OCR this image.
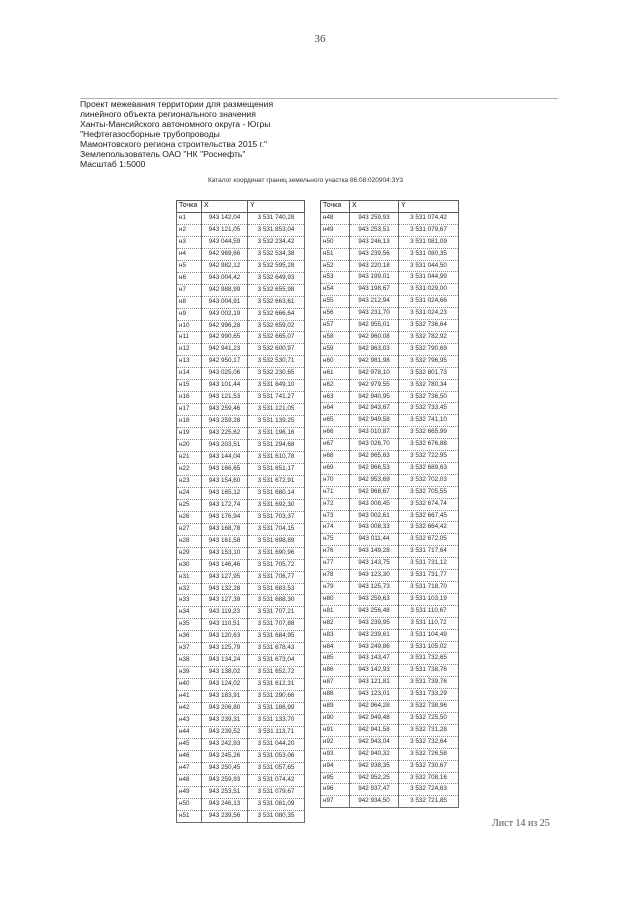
36
Проект межевания территории для размещения
линейного объекта регионального значения
Ханты-Мансийского автономного округа - Югры
"Нефтегазосборные трубопроводы
Мамонтовского региона строительства 2015 г."
Землепользователь ОАО "НК "Роснефть"
Масштаб 1:5000
Каталог координат границ земельного участка 86:08:020904:ЗУ3
Точка	X	Y
н1	943 142,04	3 531 740,28
н2	943 121,05	3 531 853,04
н3	943 044,59	3 532 234,42
н4	942 969,66	3 532 534,38
н5	942 982,12	3 532 595,28
н6	943 004,42	3 532 649,93
н7	942 988,99	3 532 655,98
н8	943 004,91	3 532 663,61
н9	943 002,19	3 532 666,64
н10	942 996,28	3 532 659,02
н11	942 990,65	3 532 665,07
н12	942 941,23	3 532 600,97
н13	942 950,17	3 532 530,71
н14	943 025,06	3 532 230,65
н15	943 101,44	3 531 849,10
н16	943 121,53	3 531 741,27
н17	943 259,46	3 531 121,05
н18	943 259,28	3 531 139,25
н19	943 225,62	3 531 196,16
н20	943 203,51	3 531 294,68
н21	943 144,04	3 531 610,78
н22	943 166,65	3 531 651,17
н23	943 154,60	3 531 672,91
н24	943 165,12	3 531 680,14
н25	943 172,74	3 531 692,30
н26	943 176,94	3 531 703,37
н27	943 168,78	3 531 704,15
н28	943 161,58	3 531 698,89
н29	943 153,10	3 531 690,96
н30	943 146,46	3 531 705,72
н31	943 127,95	3 531 706,77
н32	943 132,28	3 531 683,53
н33	943 127,39	3 531 688,30
н34	943 119,23	3 531 707,21
н35	943 110,51	3 531 707,88
н36	943 120,63	3 531 684,95
н37	943 125,79	3 531 678,43
н38	943 134,24	3 531 673,04
н39	943 138,02	3 531 652,72
н40	943 124,02	3 531 612,31
н41	943 183,91	3 531 290,66
н42	943 206,80	3 531 186,99
н43	943 239,31	3 531 133,70
н44	943 239,52	3 531 113,71
н45	943 242,93	3 531 044,20
н46	943 245,26	3 531 053,06
н47	943 250,45	3 531 057,65
н48	943 259,93	3 531 074,42
н49	943 253,51	3 531 079,67
н50	943 246,13	3 531 081,09
н51	943 239,56	3 531 080,35
Точка	X	Y
н48	943 259,93	3 531 074,42
н49	943 253,51	3 531 079,67
н50	943 246,13	3 531 081,09
н51	943 239,56	3 531 080,35
н52	943 220,18	3 531 044,50
н53	943 199,01	3 531 044,99
н54	943 198,67	3 531 029,00
н55	943 212,94	3 531 024,66
н56	943 231,70	3 531 024,23
н57	942 955,01	3 532 736,64
н58	942 960,08	3 532 782,92
н59	942 963,03	3 532 790,69
н60	942 981,98	3 532 796,95
н61	942 978,10	3 532 801,73
н62	942 979,55	3 532 780,34
н63	942 940,95	3 532 736,50
н64	942 943,67	3 532 733,45
н65	942 949,58	3 532 741,10
н66	943 010,87	3 532 665,99
н67	943 026,70	3 532 676,88
н68	942 965,63	3 532 722,95
н69	942 966,53	3 532 689,63
н70	942 953,69	3 532 702,03
н71	942 968,67	3 532 705,55
н72	943 008,45	3 532 674,74
н73	943 002,61	3 532 667,45
н74	943 008,33	3 532 664,42
н75	943 011,44	3 532 672,05
н76	943 149,28	3 531 717,64
н77	943 143,75	3 531 731,12
н78	943 123,30	3 531 731,77
н79	943 125,73	3 531 718,70
н80	943 259,63	3 531 103,19
н81	943 256,48	3 531 110,67
н82	943 239,95	3 531 110,72
н83	943 239,61	3 531 104,49
н84	943 249,86	3 531 105,02
н85	943 143,47	3 531 732,65
н86	943 142,93	3 531 738,76
н87	943 121,81	3 531 739,76
н88	943 123,01	3 531 733,29
н89	942 964,28	3 532 738,96
н90	942 949,48	3 532 725,50
н91	942 941,58	3 532 731,28
н92	942 943,04	3 532 732,64
н93	942 940,32	3 532 726,58
н94	942 938,35	3 532 730,67
н95	942 952,25	3 532 708,16
н96	942 937,47	3 532 724,63
н97	942 934,50	3 532 721,85
Лист 14 из 25
